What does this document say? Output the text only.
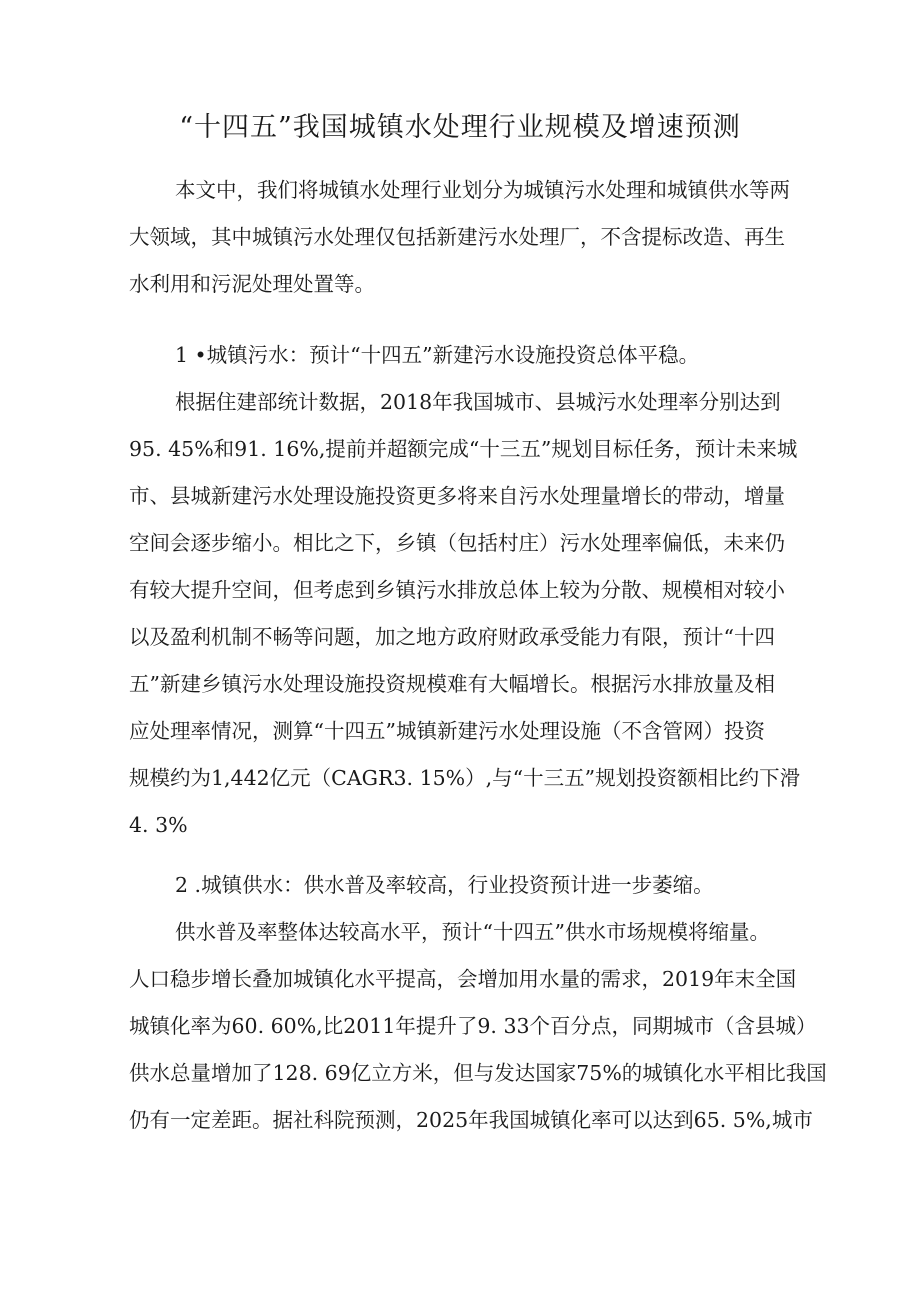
“十四五”我国城镇水处理行业规模及增速预测

本文中，我们将城镇水处理行业划分为城镇污水处理和城镇供水等两

大领域，其中城镇污水处理仅包括新建污水处理厂，不含提标改造、再生

水利用和污泥处理处置等。

1 •城镇污水：预计“十四五”新建污水设施投资总体平稳。

根据住建部统计数据，2018年我国城市、县城污水处理率分别达到

95. 45%和91. 16%,提前并超额完成“十三五”规划目标任务，预计未来城

市、县城新建污水处理设施投资更多将来自污水处理量增长的带动，增量

空间会逐步缩小。相比之下，乡镇（包括村庄）污水处理率偏低，未来仍

有较大提升空间，但考虑到乡镇污水排放总体上较为分散、规模相对较小

以及盈利机制不畅等问题，加之地方政府财政承受能力有限，预计“十四

五”新建乡镇污水处理设施投资规模难有大幅增长。根据污水排放量及相

应处理率情况，测算“十四五”城镇新建污水处理设施（不含管网）投资

规模约为1,442亿元（CAGR3. 15%）,与“十三五”规划投资额相比约下滑

4. 3%

2 .城镇供水：供水普及率较高，行业投资预计进一步萎缩。

供水普及率整体达较高水平，预计“十四五”供水市场规模将缩量。

人口稳步增长叠加城镇化水平提高，会增加用水量的需求，2019年末全国

城镇化率为60. 60%,比2011年提升了9. 33个百分点，同期城市（含县城）

供水总量增加了128. 69亿立方米，但与发达国家75%的城镇化水平相比我国

仍有一定差距。据社科院预测，2025年我国城镇化率可以达到65. 5%,城市
